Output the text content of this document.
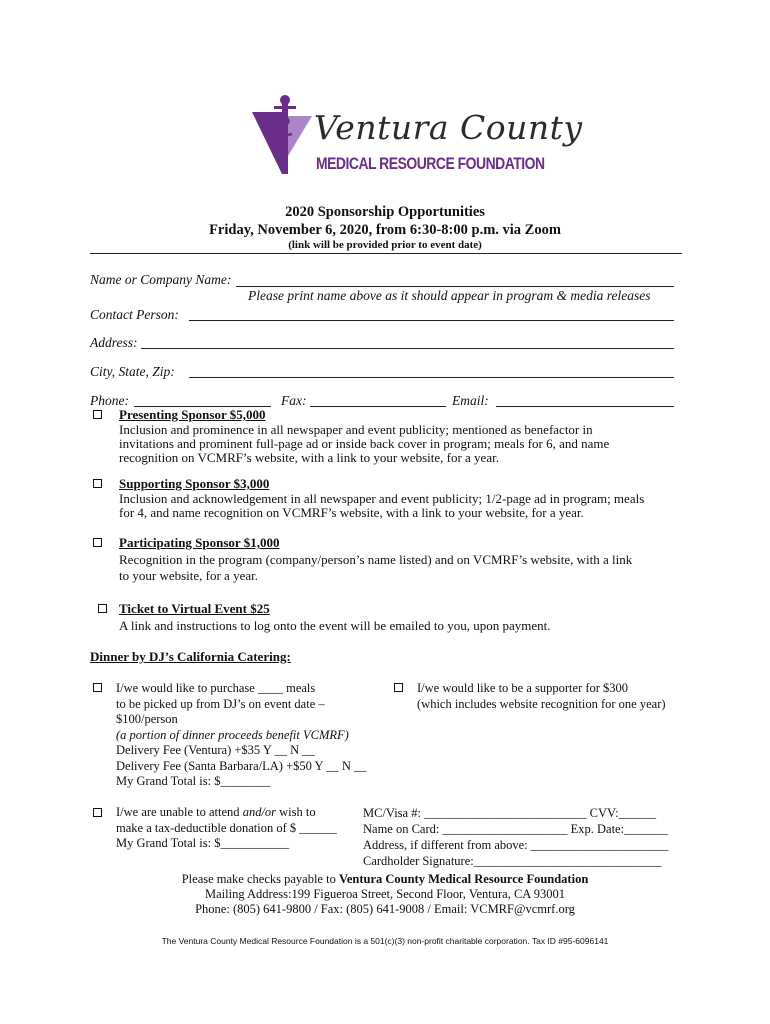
Ventura County
MEDICAL RESOURCE FOUNDATION
2020 Sponsorship Opportunities
Friday, November 6, 2020, from 6:30-8:00 p.m. via Zoom
(link will be provided prior to event date)
Name or Company Name:
Please print name above as it should appear in program & media releases
Contact Person:
Address:
City, State, Zip:
Phone:	Fax:	Email:
Presenting Sponsor $5,000
Inclusion and prominence in all newspaper and event publicity; mentioned as benefactor in
invitations and prominent full-page ad or inside back cover in program; meals for 6, and name
recognition on VCMRF’s website, with a link to your website, for a year.
Supporting Sponsor $3,000
Inclusion and acknowledgement in all newspaper and event publicity; 1/2-page ad in program; meals
for 4, and name recognition on VCMRF’s website, with a link to your website, for a year.
Participating Sponsor $1,000
Recognition in the program (company/person’s name listed) and on VCMRF’s website, with a link
to your website, for a year.
Ticket to Virtual Event $25
A link and instructions to log onto the event will be emailed to you, upon payment.
Dinner by DJ’s California Catering:
I/we would like to purchase ____ meals
to be picked up from DJ’s on event date –
$100/person
(a portion of dinner proceeds benefit VCMRF)
Delivery Fee (Ventura) +$35 Y __ N __
Delivery Fee (Santa Barbara/LA) +$50 Y __ N __
My Grand Total is: $________
I/we would like to be a supporter for $300
(which includes website recognition for one year)
I/we are unable to attend and/or wish to
make a tax-deductible donation of $ ______
My Grand Total is: $___________
MC/Visa #: __________________________ CVV:______
Name on Card: ____________________ Exp. Date:_______
Address, if different from above: ______________________
Cardholder Signature:______________________________
Please make checks payable to Ventura County Medical Resource Foundation
Mailing Address:199 Figueroa Street, Second Floor, Ventura, CA 93001
Phone: (805) 641-9800 / Fax: (805) 641-9008 / Email: VCMRF@vcmrf.org
The Ventura County Medical Resource Foundation is a 501(c)(3) non-profit charitable corporation. Tax ID #95-6096141
